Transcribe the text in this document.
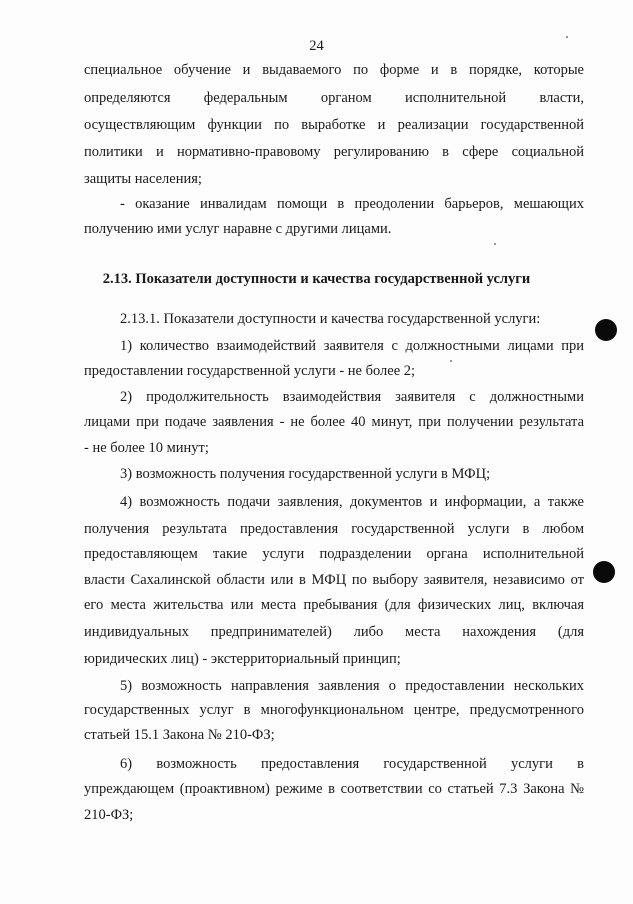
24
специальное обучение и выдаваемого по форме и в порядке, которые
определяются федеральным органом исполнительной власти,
осуществляющим функции по выработке и реализации государственной
политики и нормативно-правовому регулированию в сфере социальной
защиты населения;
- оказание инвалидам помощи в преодолении барьеров, мешающих
получению ими услуг наравне с другими лицами.
2.13. Показатели доступности и качества государственной услуги
2.13.1. Показатели доступности и качества государственной услуги:
1) количество взаимодействий заявителя с должностными лицами при
предоставлении государственной услуги - не более 2;
2) продолжительность взаимодействия заявителя с должностными
лицами при подаче заявления - не более 40 минут, при получении результата
- не более 10 минут;
3) возможность получения государственной услуги в МФЦ;
4) возможность подачи заявления, документов и информации, а также
получения результата предоставления государственной услуги в любом
предоставляющем такие услуги подразделении органа исполнительной
власти Сахалинской области или в МФЦ по выбору заявителя, независимо от
его места жительства или места пребывания (для физических лиц, включая
индивидуальных предпринимателей) либо места нахождения (для
юридических лиц) - экстерриториальный принцип;
5) возможность направления заявления о предоставлении нескольких
государственных услуг в многофункциональном центре, предусмотренного
статьей 15.1 Закона № 210-ФЗ;
6) возможность предоставления государственной услуги в
упреждающем (проактивном) режиме в соответствии со статьей 7.3 Закона №
210-ФЗ;
